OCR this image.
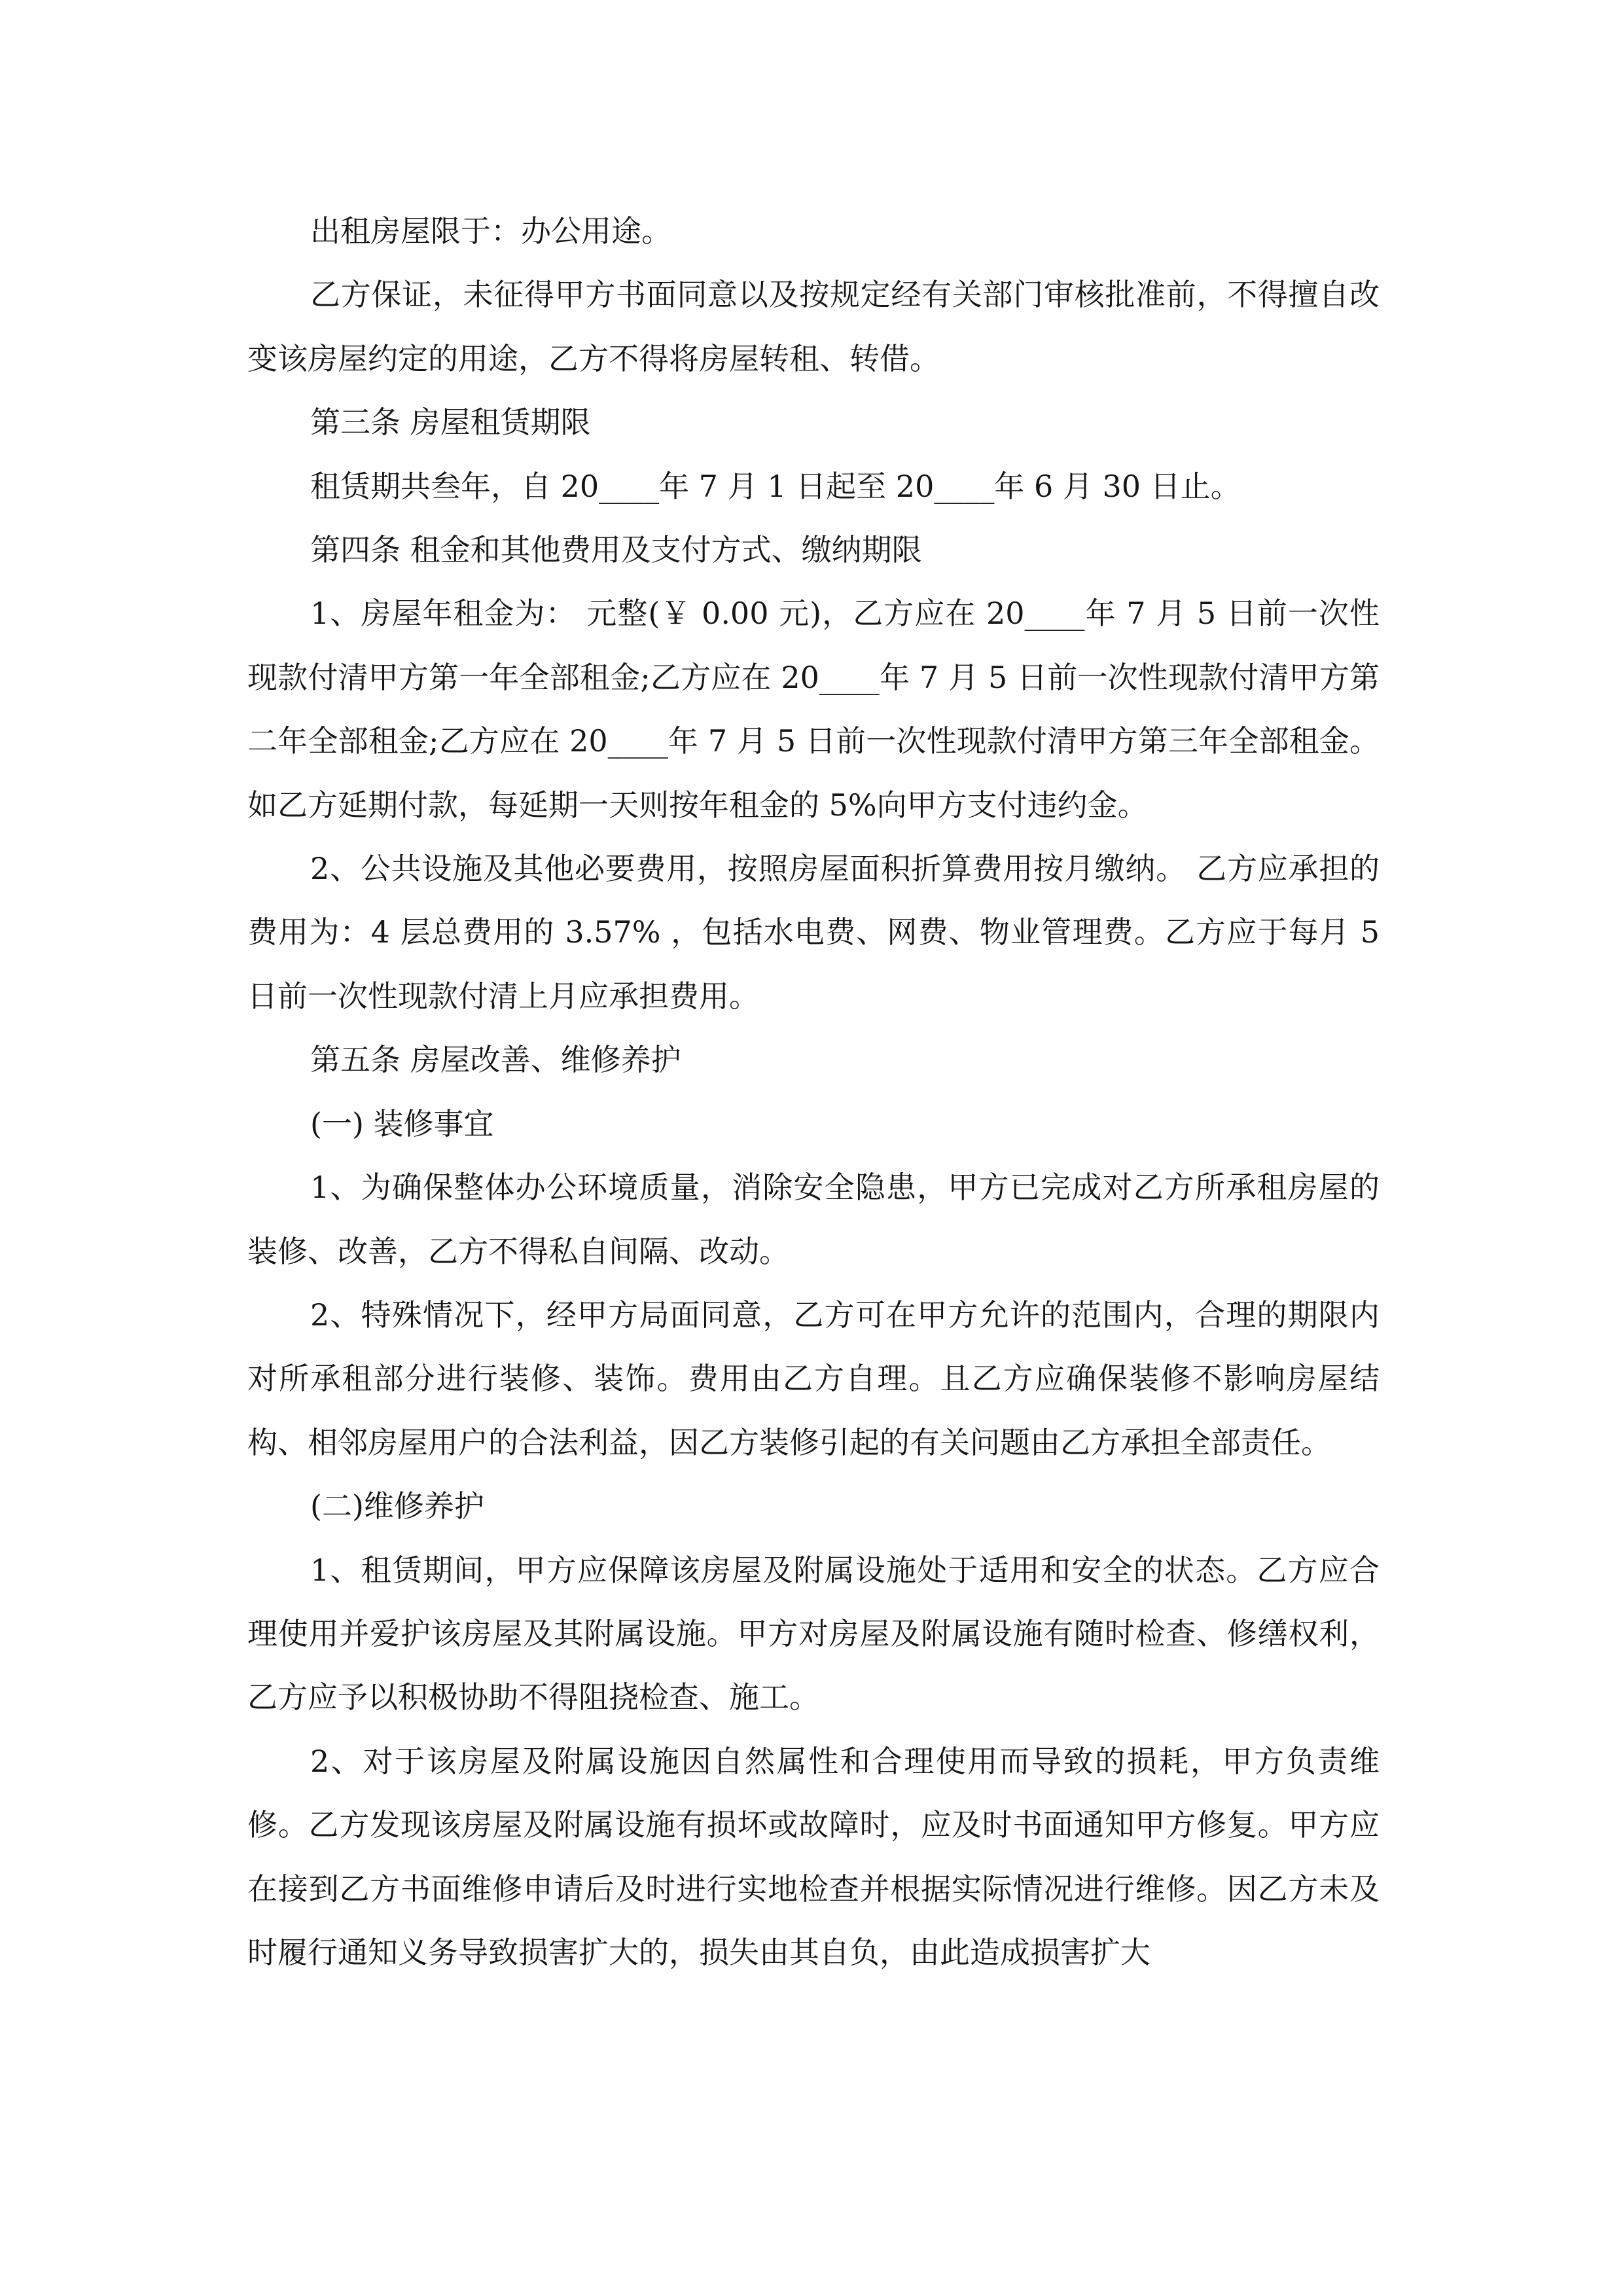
出租房屋限于：办公用途。

乙方保证，未征得甲方书面同意以及按规定经有关部门审核批准前，不得擅自改变该房屋约定的用途，乙方不得将房屋转租、转借。

第三条 房屋租赁期限

租赁期共叁年，自 20____年 7 月 1 日起至 20____年 6 月 30 日止。

第四条 租金和其他费用及支付方式、缴纳期限

1、房屋年租金为： 元整(￥ 0.00 元)，乙方应在 20____年 7 月 5 日前一次性现款付清甲方第一年全部租金;乙方应在 20____年 7 月 5 日前一次性现款付清甲方第二年全部租金;乙方应在 20____年 7 月 5 日前一次性现款付清甲方第三年全部租金。如乙方延期付款，每延期一天则按年租金的 5%向甲方支付违约金。

2、公共设施及其他必要费用，按照房屋面积折算费用按月缴纳。 乙方应承担的费用为：4 层总费用的 3.57% ，包括水电费、网费、物业管理费。乙方应于每月 5 日前一次性现款付清上月应承担费用。

第五条 房屋改善、维修养护

(一) 装修事宜

1、为确保整体办公环境质量，消除安全隐患，甲方已完成对乙方所承租房屋的装修、改善，乙方不得私自间隔、改动。

2、特殊情况下，经甲方局面同意，乙方可在甲方允许的范围内，合理的期限内对所承租部分进行装修、装饰。费用由乙方自理。且乙方应确保装修不影响房屋结构、相邻房屋用户的合法利益，因乙方装修引起的有关问题由乙方承担全部责任。

(二)维修养护

1、租赁期间，甲方应保障该房屋及附属设施处于适用和安全的状态。乙方应合理使用并爱护该房屋及其附属设施。甲方对房屋及附属设施有随时检查、修缮权利，乙方应予以积极协助不得阻挠检查、施工。

2、对于该房屋及附属设施因自然属性和合理使用而导致的损耗，甲方负责维修。乙方发现该房屋及附属设施有损坏或故障时，应及时书面通知甲方修复。甲方应在接到乙方书面维修申请后及时进行实地检查并根据实际情况进行维修。因乙方未及时履行通知义务导致损害扩大的，损失由其自负，由此造成损害扩大
